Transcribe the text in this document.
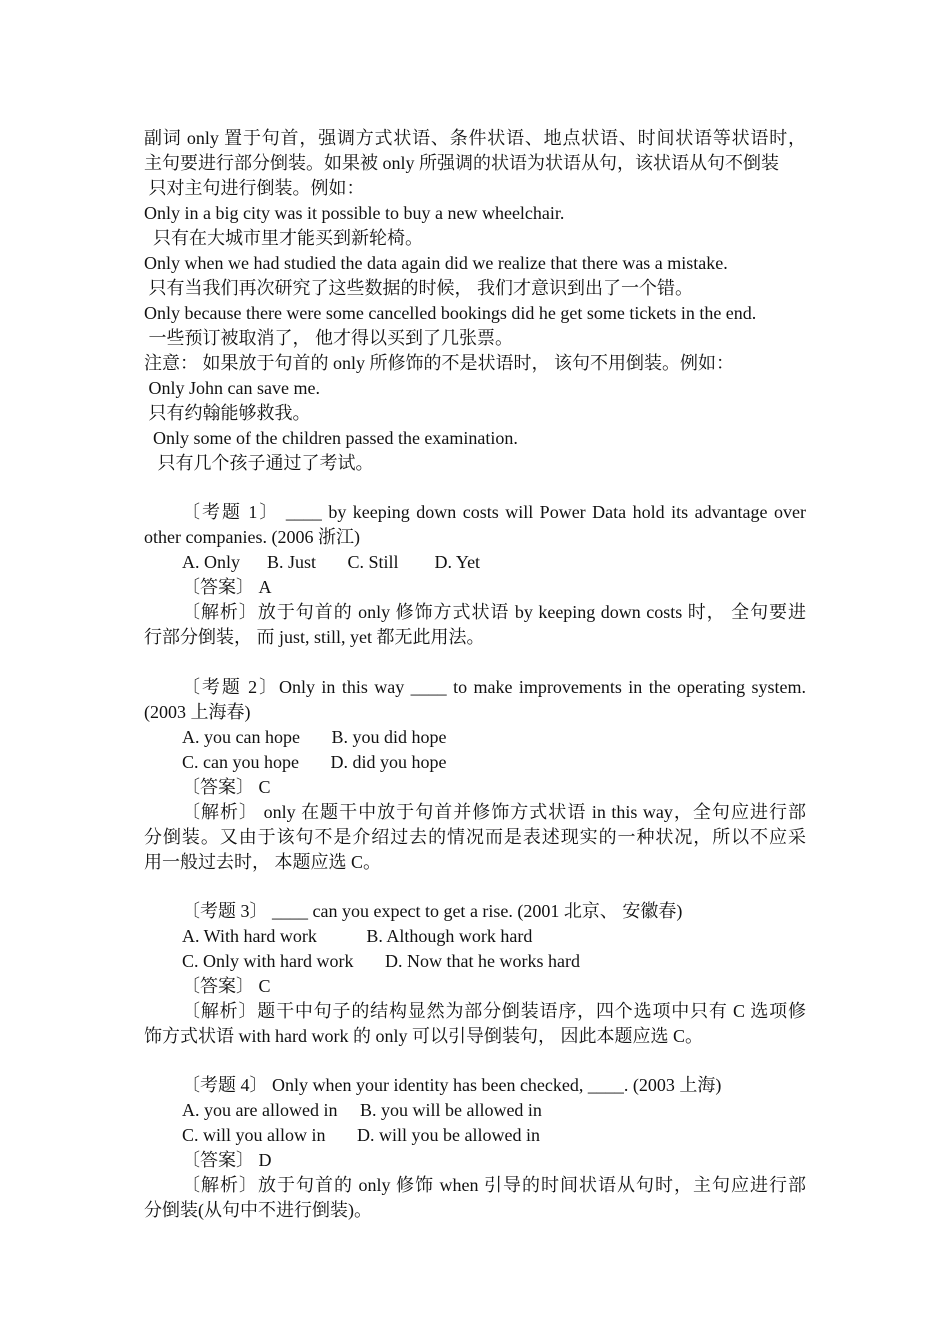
副词 only 置于句首，强调方式状语、条件状语、地点状语、时间状语等状语时，
主句要进行部分倒装。如果被 only 所强调的状语为状语从句，该状语从句不倒装
只对主句进行倒装。例如：
Only in a big city was it possible to buy a new wheelchair.
只有在大城市里才能买到新轮椅。
Only when we had studied the data again did we realize that there was a mistake.
只有当我们再次研究了这些数据的时候， 我们才意识到出了一个错。
Only because there were some cancelled bookings did he get some tickets in the end.
一些预订被取消了， 他才得以买到了几张票。
注意： 如果放于句首的 only 所修饰的不是状语时， 该句不用倒装。例如：
Only John can save me.
只有约翰能够救我。
Only some of the children passed the examination.
只有几个孩子通过了考试。
〔考题 1〕 ____ by keeping down costs will Power Data hold its advantage over
other companies. (2006 浙江)
A. Only      B. Just       C. Still        D. Yet
〔答案〕 A
〔解析〕放于句首的 only 修饰方式状语 by keeping down costs 时， 全句要进
行部分倒装， 而 just, still, yet 都无此用法。
〔考题 2〕Only in this way ____ to make improvements in the operating system.
(2003 上海春)
A. you can hope       B. you did hope
C. can you hope       D. did you hope
〔答案〕 C
〔解析〕 only 在题干中放于句首并修饰方式状语 in this way，全句应进行部
分倒装。又由于该句不是介绍过去的情况而是表述现实的一种状况，所以不应采
用一般过去时， 本题应选 C。
〔考题 3〕 ____ can you expect to get a rise. (2001 北京、 安徽春)
A. With hard work           B. Although work hard
C. Only with hard work       D. Now that he works hard
〔答案〕 C
〔解析〕题干中句子的结构显然为部分倒装语序，四个选项中只有 C 选项修
饰方式状语 with hard work 的 only 可以引导倒装句， 因此本题应选 C。
〔考题 4〕 Only when your identity has been checked, ____. (2003 上海)
A. you are allowed in     B. you will be allowed in
C. will you allow in       D. will you be allowed in
〔答案〕 D
〔解析〕放于句首的 only 修饰 when 引导的时间状语从句时，主句应进行部
分倒装(从句中不进行倒装)。
